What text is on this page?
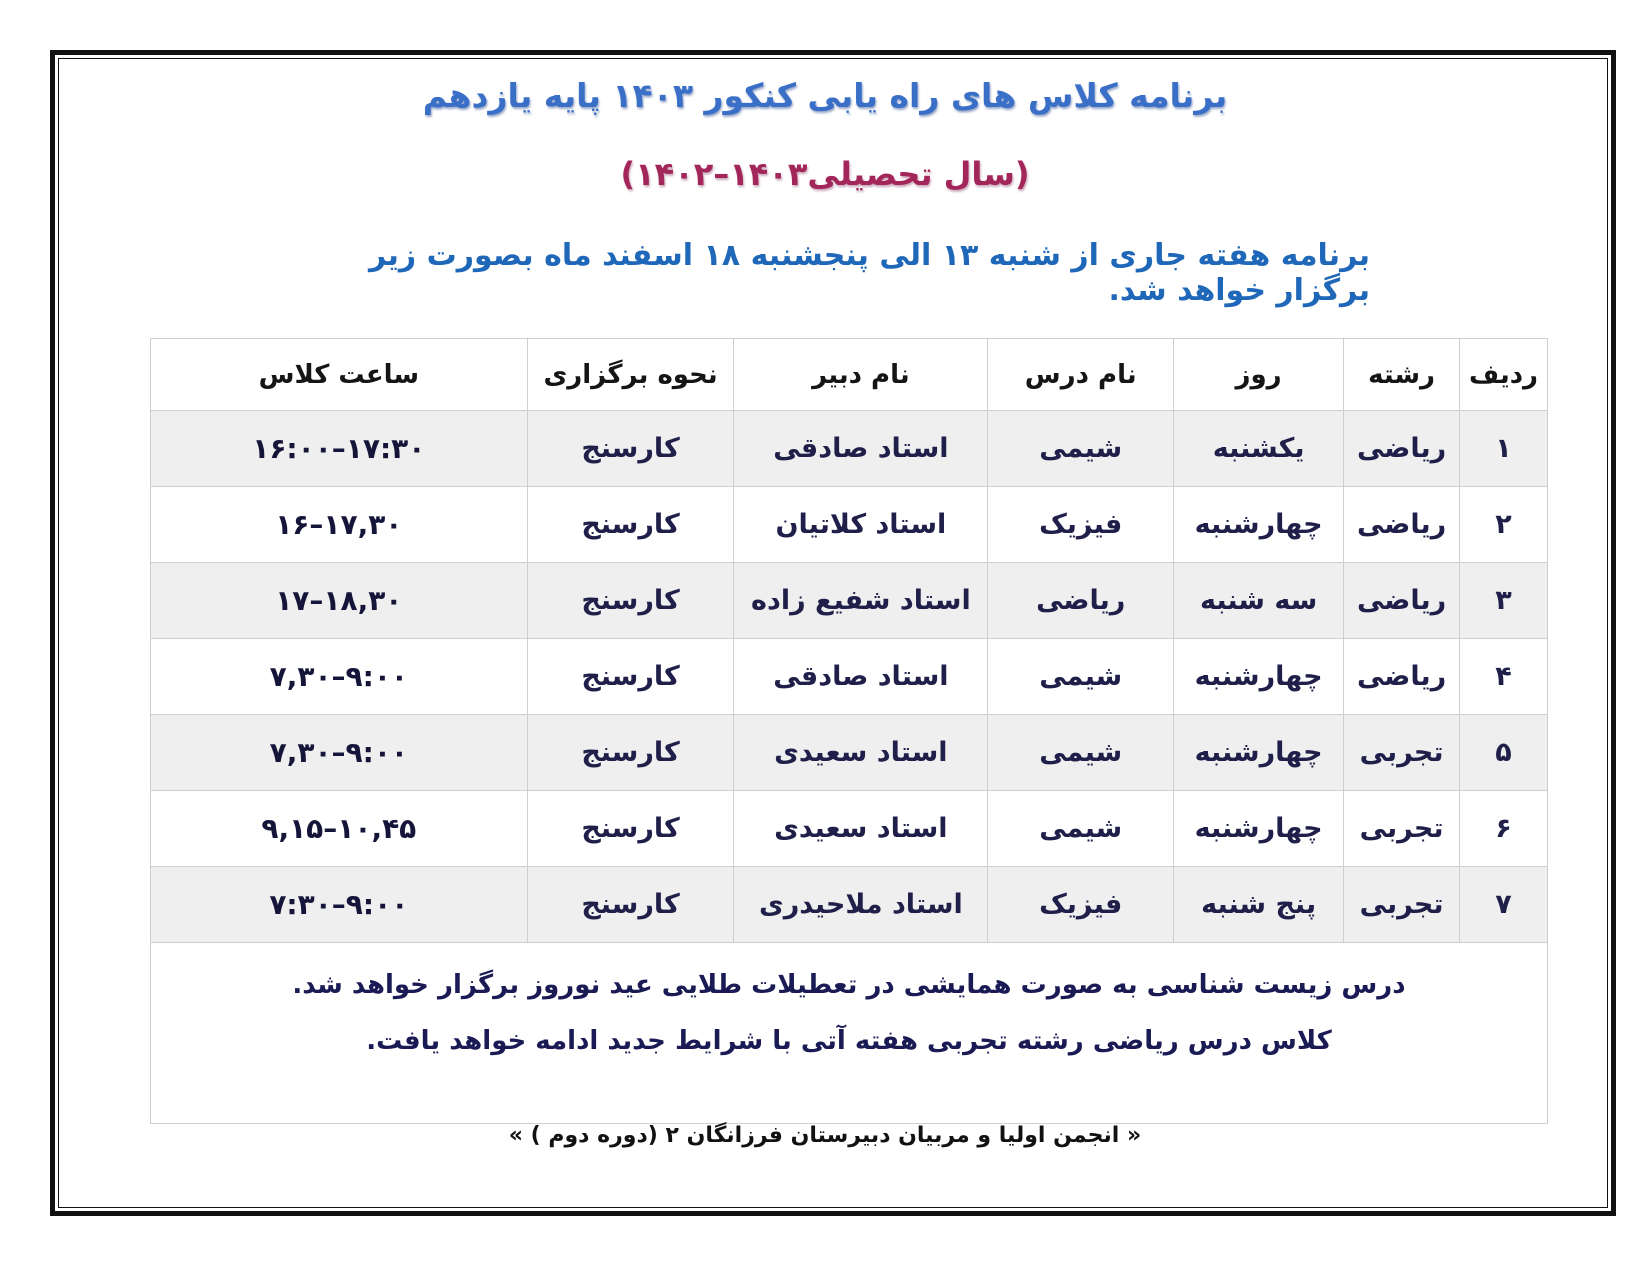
برنامه کلاس های راه یابی کنکور ۱۴۰۳ پایه یازدهم
(سال تحصیلی۱۴۰۳–۱۴۰۲)
برنامه هفته جاری از شنبه ۱۳ الی پنجشنبه ۱۸ اسفند ماه بصورت زیر برگزار خواهد شد.
ردیف	رشته	روز	نام درس	نام دبیر	نحوه برگزاری	ساعت کلاس
۱	ریاضی	یکشنبه	شیمی	استاد صادقی	کارسنج	۱۶:۰۰–۱۷:۳۰
۲	ریاضی	چهارشنبه	فیزیک	استاد کلاتیان	کارسنج	۱۶–۱۷,۳۰
۳	ریاضی	سه شنبه	ریاضی	استاد شفیع زاده	کارسنج	۱۷–۱۸,۳۰
۴	ریاضی	چهارشنبه	شیمی	استاد صادقی	کارسنج	۷,۳۰–۹:۰۰
۵	تجربی	چهارشنبه	شیمی	استاد سعیدی	کارسنج	۷,۳۰–۹:۰۰
۶	تجربی	چهارشنبه	شیمی	استاد سعیدی	کارسنج	۹,۱۵–۱۰,۴۵
۷	تجربی	پنج شنبه	فیزیک	استاد ملاحیدری	کارسنج	۷:۳۰–۹:۰۰

درس زیست شناسی به صورت همایشی در تعطیلات طلایی عید نوروز برگزار خواهد شد.
کلاس درس ریاضی رشته تجربی هفته آتی با شرایط جدید ادامه خواهد یافت.						
« انجمن اولیا و مربیان دبیرستان فرزانگان ۲ (دوره دوم ) »
